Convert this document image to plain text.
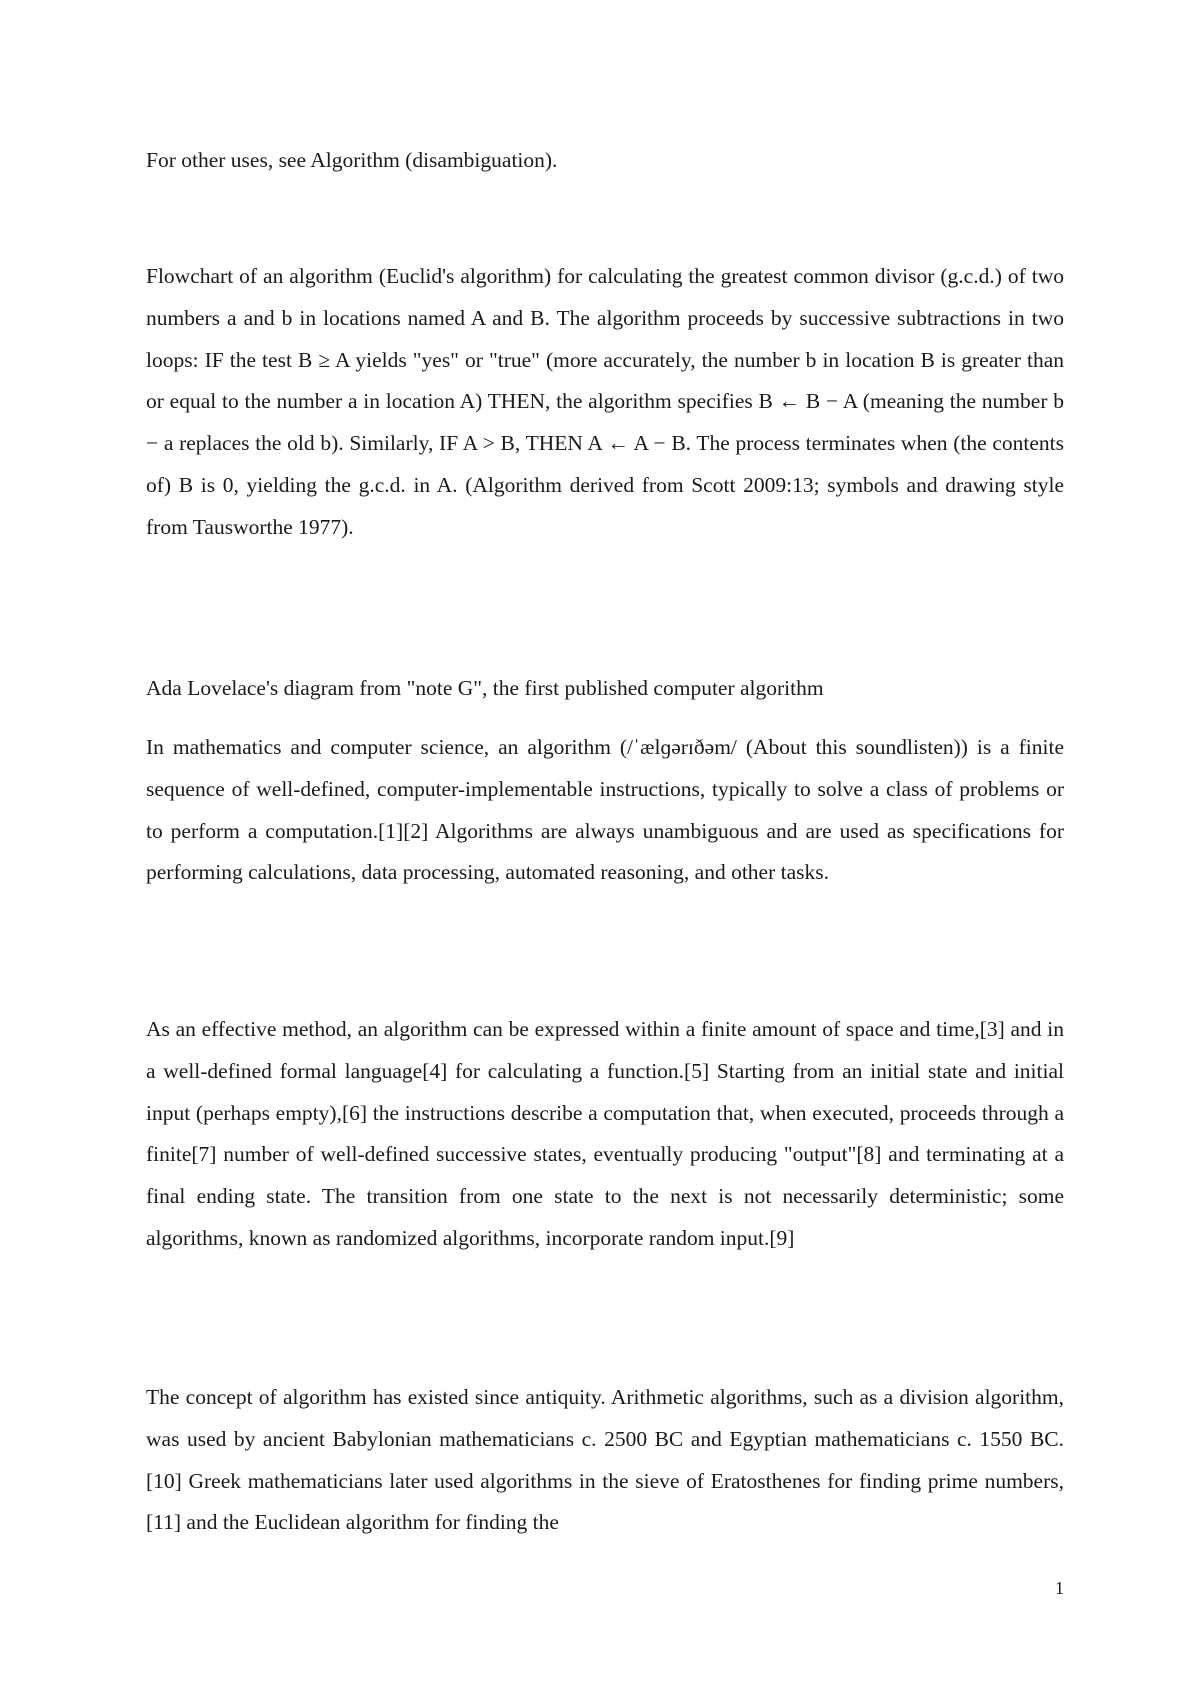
For other uses, see Algorithm (disambiguation).

Flowchart of an algorithm (Euclid's algorithm) for calculating the greatest common divisor (g.c.d.) of two numbers a and b in locations named A and B. The algorithm proceeds by successive subtractions in two loops: IF the test B ≥ A yields "yes" or "true" (more accurately, the number b in location B is greater than or equal to the number a in location A) THEN, the algorithm specifies B ← B − A (meaning the number b − a replaces the old b). Similarly, IF A > B, THEN A ← A − B. The process terminates when (the contents of) B is 0, yielding the g.c.d. in A. (Algorithm derived from Scott 2009:13; symbols and drawing style from Tausworthe 1977).

Ada Lovelace's diagram from "note G", the first published computer algorithm

In mathematics and computer science, an algorithm (/ˈælɡərɪðəm/ (About this soundlisten)) is a finite sequence of well-defined, computer-implementable instructions, typically to solve a class of problems or to perform a computation.[1][2] Algorithms are always unambiguous and are used as specifications for performing calculations, data processing, automated reasoning, and other tasks.

As an effective method, an algorithm can be expressed within a finite amount of space and time,[3] and in a well-defined formal language[4] for calculating a function.[5] Starting from an initial state and initial input (perhaps empty),[6] the instructions describe a computation that, when executed, proceeds through a finite[7] number of well-defined successive states, eventually producing "output"[8] and terminating at a final ending state. The transition from one state to the next is not necessarily deterministic; some algorithms, known as randomized algorithms, incorporate random input.[9]

The concept of algorithm has existed since antiquity. Arithmetic algorithms, such as a division algorithm, was used by ancient Babylonian mathematicians c. 2500 BC and Egyptian mathematicians c. 1550 BC.[10] Greek mathematicians later used algorithms in the sieve of Eratosthenes for finding prime numbers,[11] and the Euclidean algorithm for finding the

1
